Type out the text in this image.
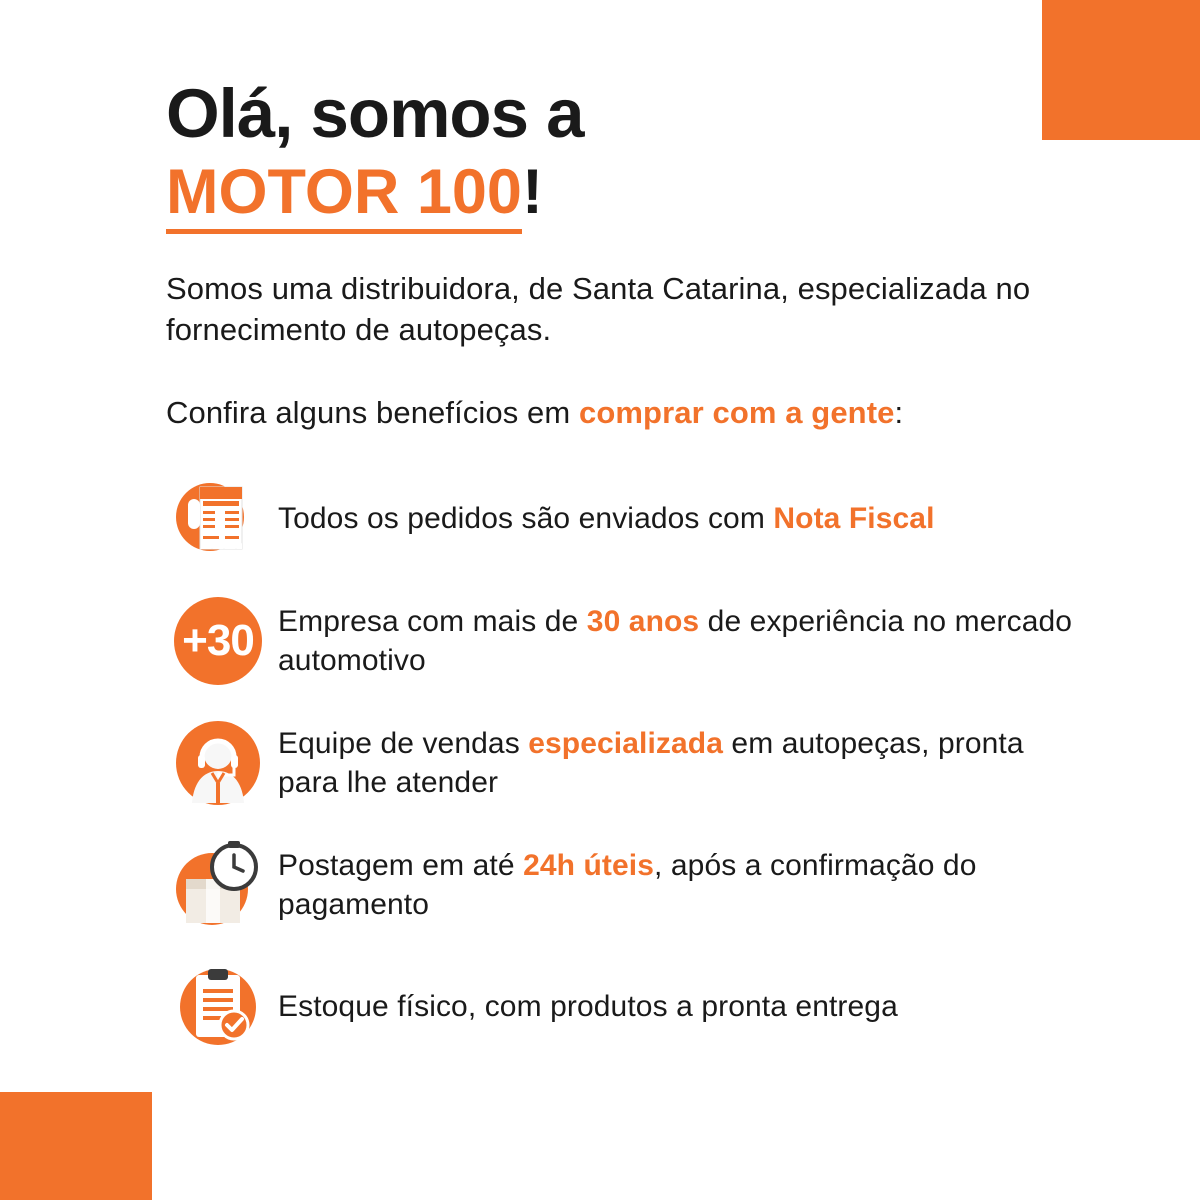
Olá, somos a
MOTOR 100!

Somos uma distribuidora, de Santa Catarina, especializada no fornecimento de autopeças.

Confira alguns benefícios em comprar com a gente:

Todos os pedidos são enviados com Nota Fiscal
+30 Empresa com mais de 30 anos de experiência no mercado automotivo
Equipe de vendas especializada em autopeças, pronta para lhe atender
Postagem em até 24h úteis, após a confirmação do pagamento
Estoque físico, com produtos a pronta entrega
